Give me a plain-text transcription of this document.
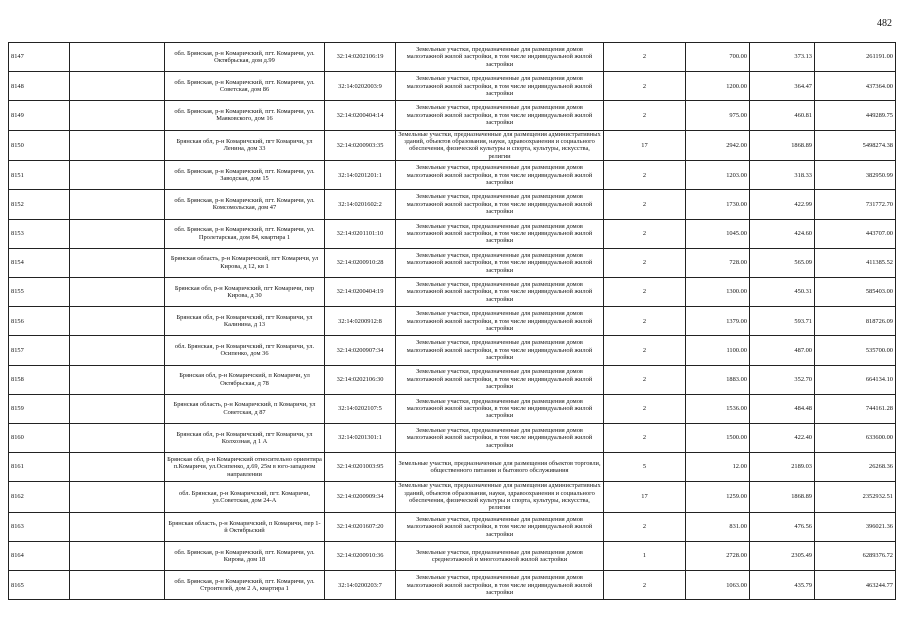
482
8147		обл. Брянская, р-н Комаричский, пгт. Комаричи, ул. Октябрьская, дом д.99	32:14:0202106:19	Земельные участки, предназначенные для размещения домов малоэтажной жилой застройки, в том числе индивидуальной жилой застройки	2	700.00	373.13	261191.00
8148		обл. Брянская, р-н Комаричский, пгт. Комаричи, ул. Советская, дом 86	32:14:0202003:9	Земельные участки, предназначенные для размещения домов малоэтажной жилой застройки, в том числе индивидуальной жилой застройки	2	1200.00	364.47	437364.00
8149		обл. Брянская, р-н Комаричский, пгт. Комаричи, ул. Маяковского, дом 16	32:14:0200404:14	Земельные участки, предназначенные для размещения домов малоэтажной жилой застройки, в том числе индивидуальной жилой застройки	2	975.00	460.81	449289.75
8150		Брянская обл, р-н Комаричский, пгт Комаричи, ул Ленина, дом 33	32:14:0200903:35	Земельные участки, предназначенные для размещения административных зданий, объектов образования, науки, здравоохранения и социального обеспечения, физической культуры и спорта, культуры, искусства, религии	17	2942.00	1868.89	5498274.38
8151		обл. Брянская, р-н Комаричский, пгт. Комаричи, ул. Заводская, дом 15	32:14:0201201:1	Земельные участки, предназначенные для размещения домов малоэтажной жилой застройки, в том числе индивидуальной жилой застройки	2	1203.00	318.33	382950.99
8152		обл. Брянская, р-н Комаричский, пгт. Комаричи, ул. Комсомольская, дом 47	32:14:0201602:2	Земельные участки, предназначенные для размещения домов малоэтажной жилой застройки, в том числе индивидуальной жилой застройки	2	1730.00	422.99	731772.70
8153		обл. Брянская, р-н Комаричский, пгт. Комаричи, ул. Пролетарская, дом 84, квартира 1	32:14:0201101:10	Земельные участки, предназначенные для размещения домов малоэтажной жилой застройки, в том числе индивидуальной жилой застройки	2	1045.00	424.60	443707.00
8154		Брянская область, р-н Комаричский, пгт Комаричи, ул Кирова, д 12, кв 1	32:14:0200910:28	Земельные участки, предназначенные для размещения домов малоэтажной жилой застройки, в том числе индивидуальной жилой застройки	2	728.00	565.09	411385.52
8155		Брянская обл, р-н Комаричский, пгт Комаричи, пер Кирова, д 30	32:14:0200404:19	Земельные участки, предназначенные для размещения домов малоэтажной жилой застройки, в том числе индивидуальной жилой застройки	2	1300.00	450.31	585403.00
8156		Брянская обл, р-н Комаричский, пгт Комаричи, ул Калинина, д 13	32:14:0200912:8	Земельные участки, предназначенные для размещения домов малоэтажной жилой застройки, в том числе индивидуальной жилой застройки	2	1379.00	593.71	818726.09
8157		обл. Брянская, р-н Комаричский, пгт Комаричи, ул. Осипенко, дом 36	32:14:0200907:34	Земельные участки, предназначенные для размещения домов малоэтажной жилой застройки, в том числе индивидуальной жилой застройки	2	1100.00	487.00	535700.00
8158		Брянская обл, р-н Комаричский, п Комаричи, ул Октябрьская, д 78	32:14:0202106:30	Земельные участки, предназначенные для размещения домов малоэтажной жилой застройки, в том числе индивидуальной жилой застройки	2	1883.00	352.70	664134.10
8159		Брянская область, р-н Комаричский, п Комаричи, ул Советская, д 87	32:14:0202107:5	Земельные участки, предназначенные для размещения домов малоэтажной жилой застройки, в том числе индивидуальной жилой застройки	2	1536.00	484.48	744161.28
8160		Брянская обл, р-н Комаричский, пгт Комаричи, ул Колхозная, д 1 А	32:14:0201301:1	Земельные участки, предназначенные для размещения домов малоэтажной жилой застройки, в том числе индивидуальной жилой застройки	2	1500.00	422.40	633600.00
8161		Брянская обл, р-н Комаричский относительно ориентира п.Комаричи, ул.Осипенко, д.69, 25м в юго-западном направлении	32:14:0201003:95	Земельные участки, предназначенные для размещения объектов торговли, общественного питания и бытового обслуживания	5	12.00	2189.03	26268.36
8162		обл. Брянская, р-н Комаричский, пгт. Комаричи, ул.Советская, дом 24-А	32:14:0200909:34	Земельные участки, предназначенные для размещения административных зданий, объектов образования, науки, здравоохранения и социального обеспечения, физической культуры и спорта, культуры, искусства, религии	17	1259.00	1868.89	2352932.51
8163		Брянская область, р-н Комаричский, п Комаричи, пер 1-й Октябрьский	32:14:0201607:20	Земельные участки, предназначенные для размещения домов малоэтажной жилой застройки, в том числе индивидуальной жилой застройки	2	831.00	476.56	396021.36
8164		обл. Брянская, р-н Комаричский, пгт. Комаричи, ул. Кирова, дом 18	32:14:0200910:36	Земельные участки, предназначенные для размещения домов среднеэтажной и многоэтажной жилой застройки	1	2728.00	2305.49	6289376.72
8165		обл. Брянская, р-н Комаричский, пгт. Комаричи, ул. Строителей, дом 2 А, квартира 1	32:14:0200203:7	Земельные участки, предназначенные для размещения домов малоэтажной жилой застройки, в том числе индивидуальной жилой застройки	2	1063.00	435.79	463244.77
